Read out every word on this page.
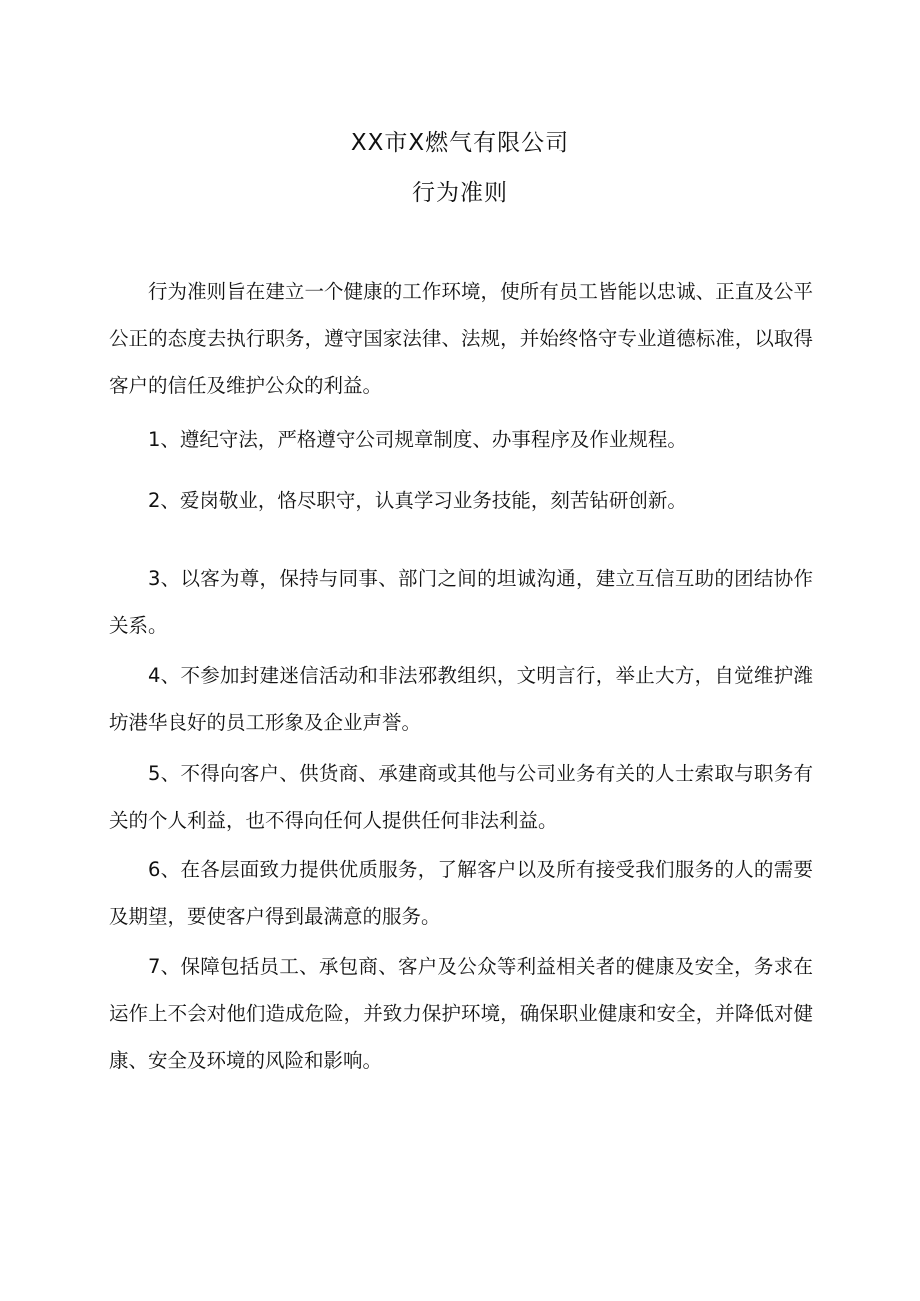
XX市X燃气有限公司
行为准则

行为准则旨在建立一个健康的工作环境，使所有员工皆能以忠诚、正直及公平公正的态度去执行职务，遵守国家法律、法规，并始终恪守专业道德标准，以取得客户的信任及维护公众的利益。

1、遵纪守法，严格遵守公司规章制度、办事程序及作业规程。

2、爱岗敬业，恪尽职守，认真学习业务技能，刻苦钻研创新。

3、以客为尊，保持与同事、部门之间的坦诚沟通，建立互信互助的团结协作关系。

4、不参加封建迷信活动和非法邪教组织，文明言行，举止大方，自觉维护潍坊港华良好的员工形象及企业声誉。

5、不得向客户、供货商、承建商或其他与公司业务有关的人士索取与职务有关的个人利益，也不得向任何人提供任何非法利益。

6、在各层面致力提供优质服务，了解客户以及所有接受我们服务的人的需要及期望，要使客户得到最满意的服务。

7、保障包括员工、承包商、客户及公众等利益相关者的健康及安全，务求在运作上不会对他们造成危险，并致力保护环境，确保职业健康和安全，并降低对健康、安全及环境的风险和影响。
